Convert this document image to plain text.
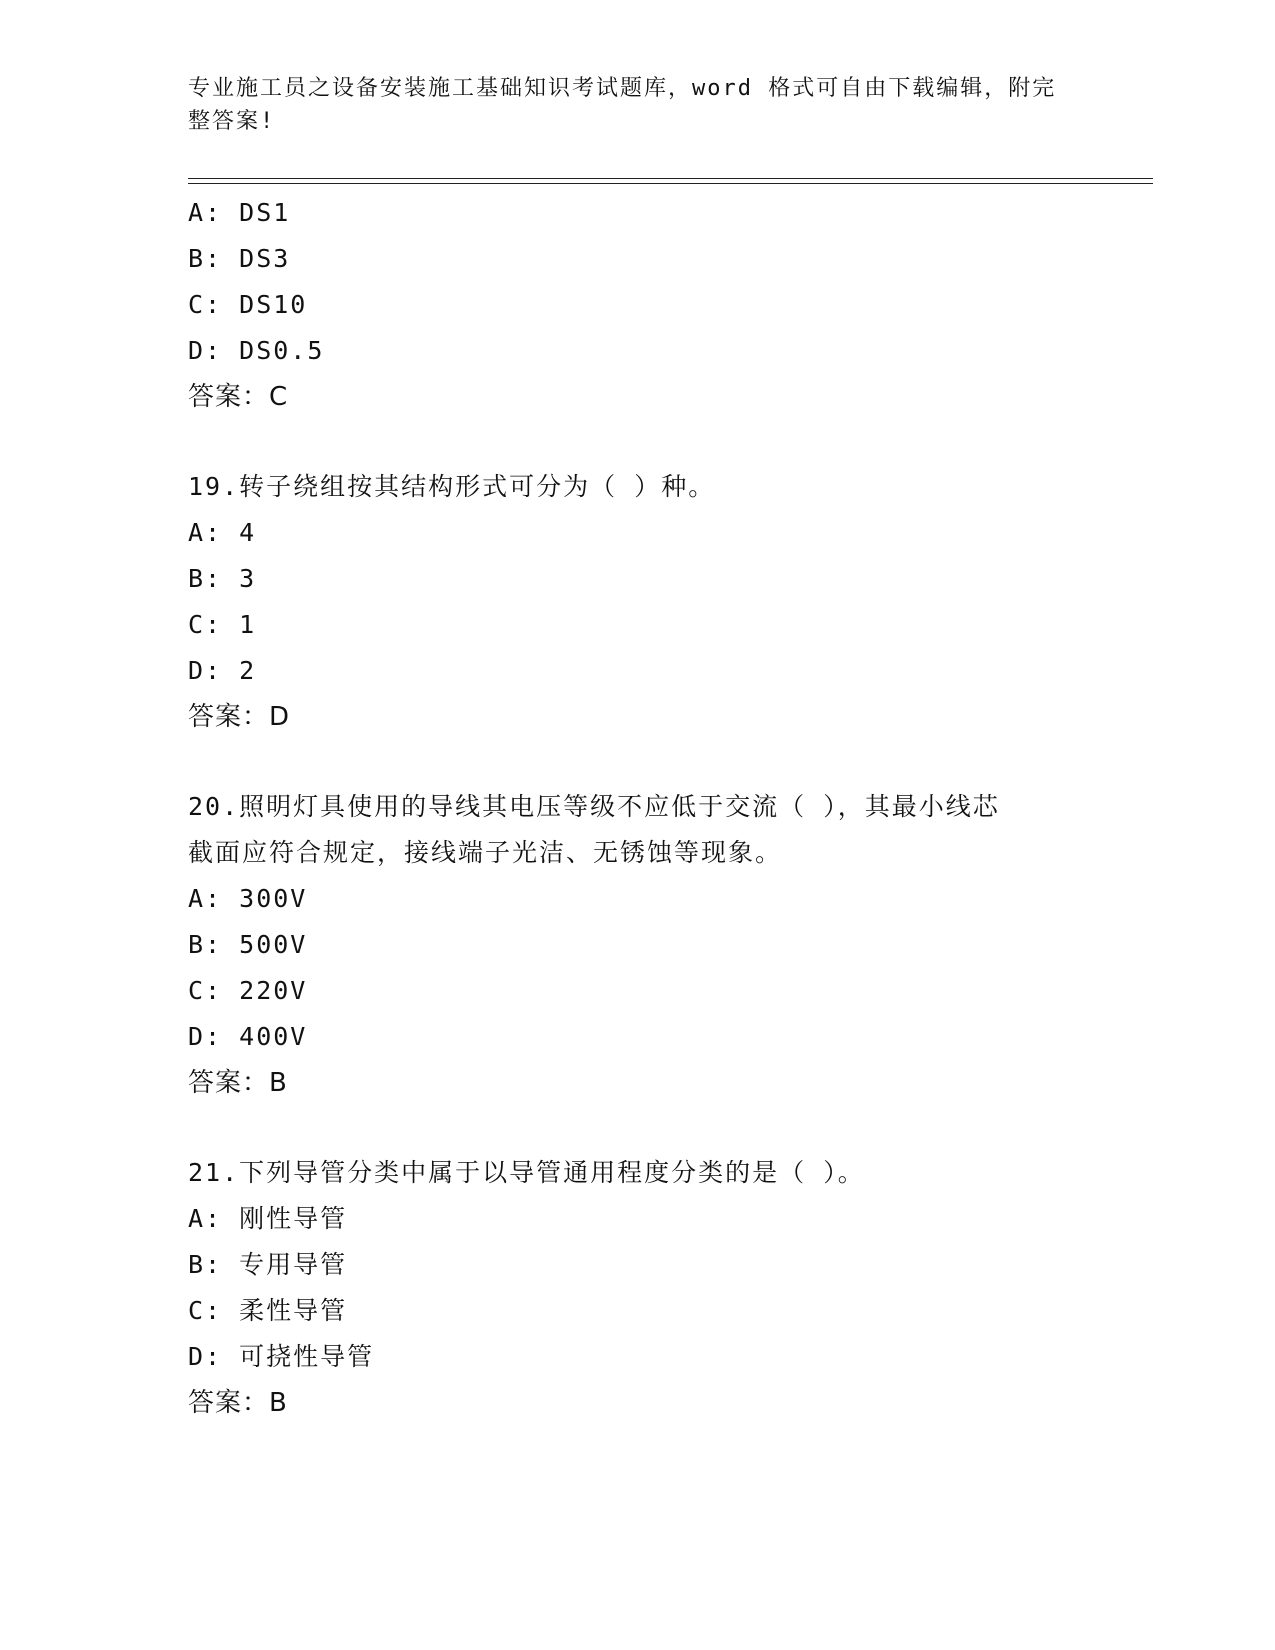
专业施工员之设备安装施工基础知识考试题库，word 格式可自由下载编辑，附完
整答案!
A: DS1
B: DS3
C: DS10
D: DS0.5
答案：C
19.转子绕组按其结构形式可分为（ ）种。
A: 4
B: 3
C: 1
D: 2
答案：D
20.照明灯具使用的导线其电压等级不应低于交流（ ），其最小线芯
截面应符合规定，接线端子光洁、无锈蚀等现象。
A: 300V
B: 500V
C: 220V
D: 400V
答案：B
21.下列导管分类中属于以导管通用程度分类的是（ ）。
A: 刚性导管
B: 专用导管
C: 柔性导管
D: 可挠性导管
答案：B
